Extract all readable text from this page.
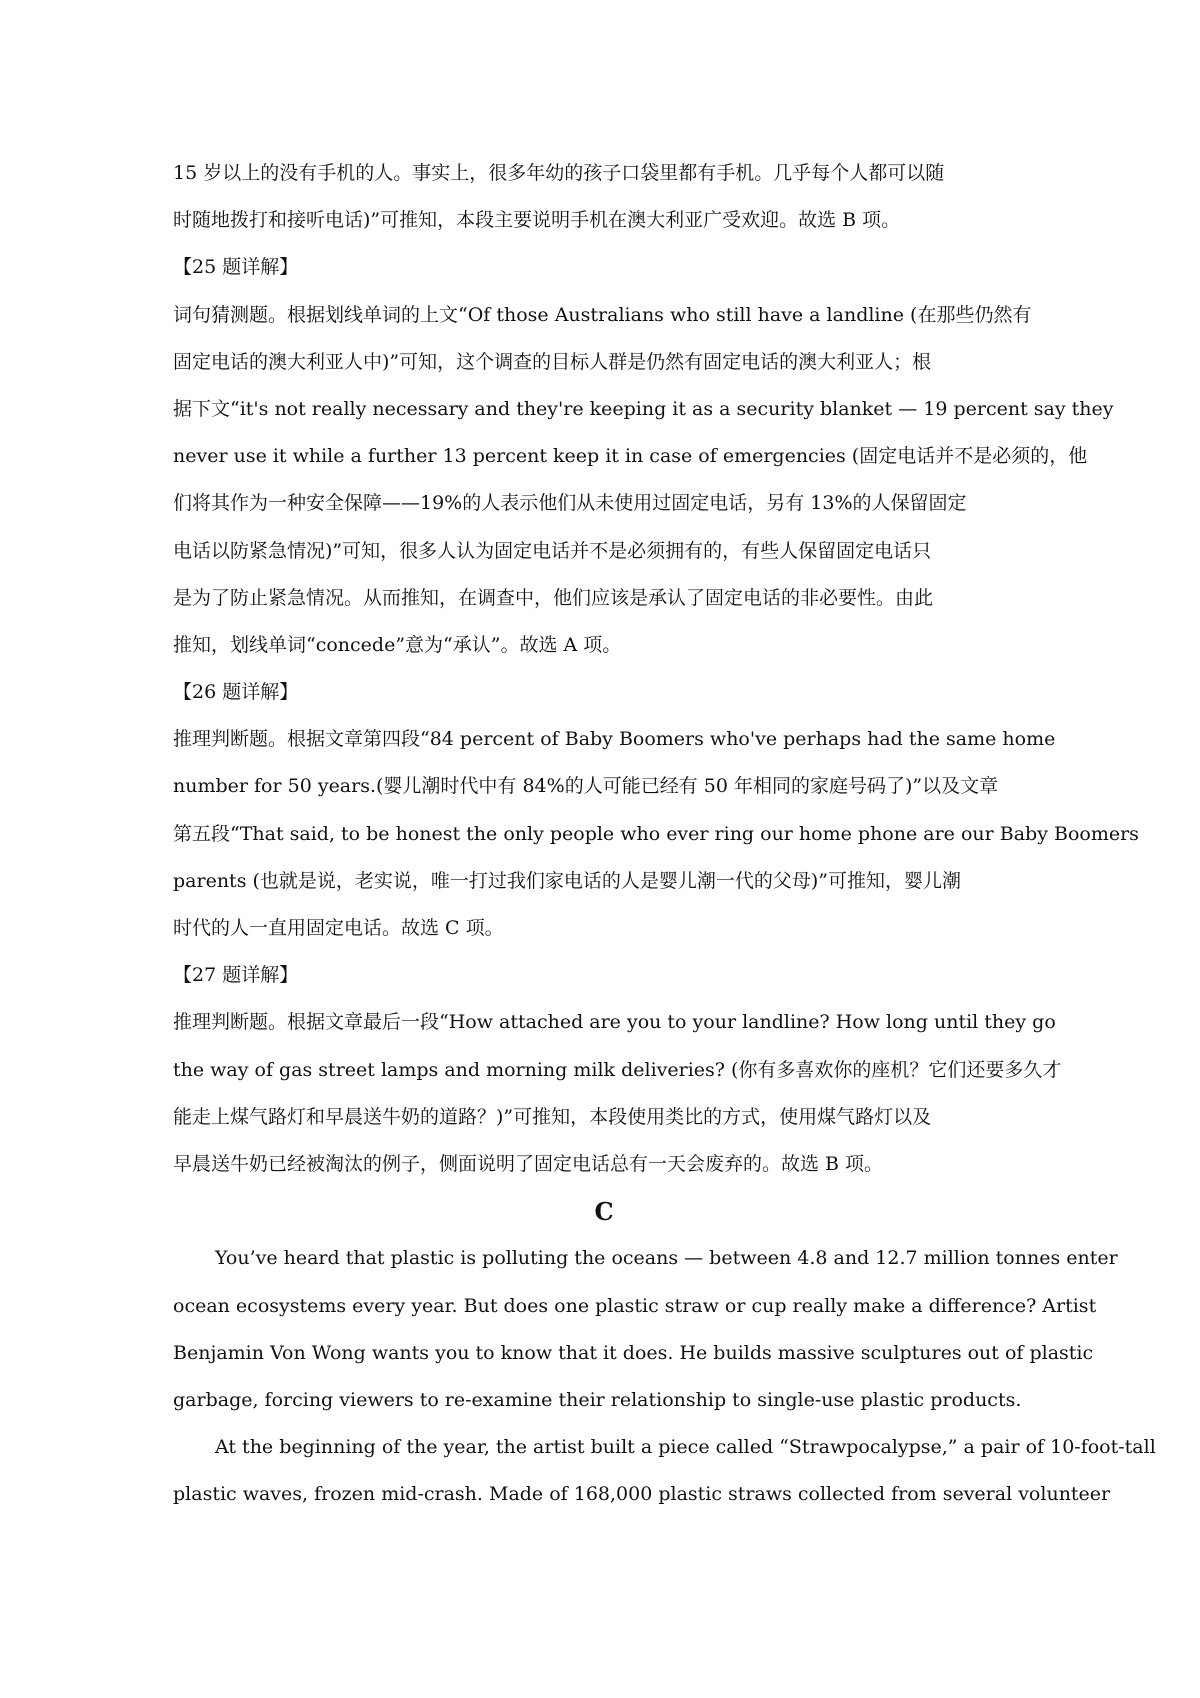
15 岁以上的没有手机的人。事实上，很多年幼的孩子口袋里都有手机。几乎每个人都可以随
时随地拨打和接听电话)”可推知，本段主要说明手机在澳大利亚广受欢迎。故选 B 项。
【25 题详解】
词句猜测题。根据划线单词的上文“Of those Australians who still have a landline (在那些仍然有
固定电话的澳大利亚人中)”可知，这个调查的目标人群是仍然有固定电话的澳大利亚人；根
据下文“it's not really necessary and they're keeping it as a security blanket — 19 percent say they
never use it while a further 13 percent keep it in case of emergencies (固定电话并不是必须的，他
们将其作为一种安全保障——19%的人表示他们从未使用过固定电话，另有 13%的人保留固定
电话以防紧急情况)”可知，很多人认为固定电话并不是必须拥有的，有些人保留固定电话只
是为了防止紧急情况。从而推知，在调查中，他们应该是承认了固定电话的非必要性。由此
推知，划线单词“concede”意为“承认”。故选 A 项。
【26 题详解】
推理判断题。根据文章第四段“84 percent of Baby Boomers who've perhaps had the same home
number for 50 years.(婴儿潮时代中有 84%的人可能已经有 50 年相同的家庭号码了)”以及文章
第五段“That said, to be honest the only people who ever ring our home phone are our Baby Boomers
parents (也就是说，老实说，唯一打过我们家电话的人是婴儿潮一代的父母)”可推知，婴儿潮
时代的人一直用固定电话。故选 C 项。
【27 题详解】
推理判断题。根据文章最后一段“How attached are you to your landline? How long until they go
the way of gas street lamps and morning milk deliveries? (你有多喜欢你的座机？它们还要多久才
能走上煤气路灯和早晨送牛奶的道路？)”可推知，本段使用类比的方式，使用煤气路灯以及
早晨送牛奶已经被淘汰的例子，侧面说明了固定电话总有一天会废弃的。故选 B 项。
C
You’ve heard that plastic is polluting the oceans — between 4.8 and 12.7 million tonnes enter
ocean ecosystems every year. But does one plastic straw or cup really make a difference? Artist
Benjamin Von Wong wants you to know that it does. He builds massive sculptures out of plastic
garbage, forcing viewers to re-examine their relationship to single-use plastic products.
At the beginning of the year, the artist built a piece called “Strawpocalypse,” a pair of 10-foot-tall
plastic waves, frozen mid-crash. Made of 168,000 plastic straws collected from several volunteer
